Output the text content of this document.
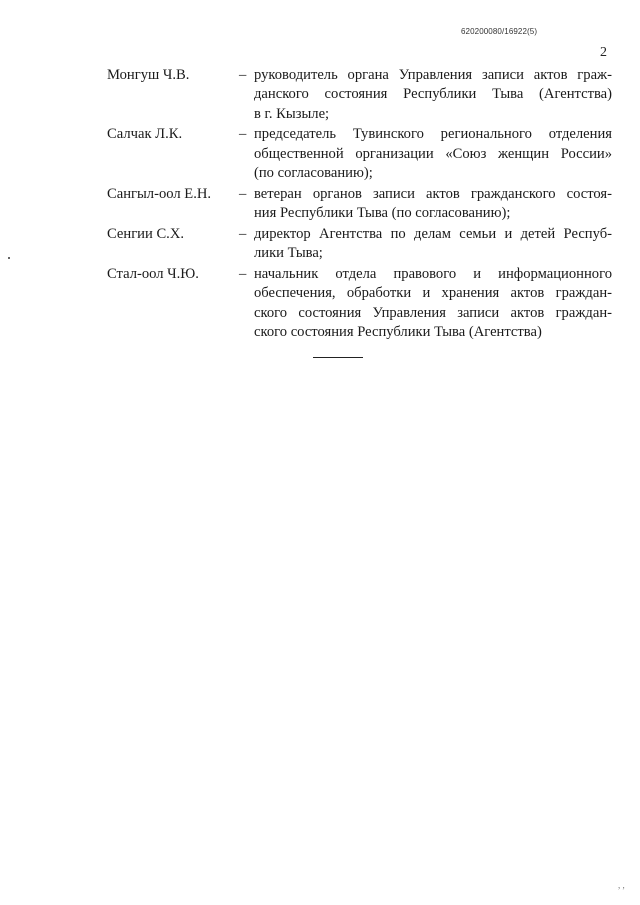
620200080/16922(5)
2
Монгуш Ч.В.	– руководитель органа Управления записи актов граж-
данского состояния Республики Тыва (Агентства)
в г. Кызыле;
Салчак Л.К.	– председатель Тувинского регионального отделения
общественной организации «Союз женщин России»
(по согласованию);
Сангыл-оол Е.Н.	– ветеран органов записи актов гражданского состоя-
ния Республики Тыва (по согласованию);
Сенгии С.Х.	– директор Агентства по делам семьи и детей Респуб-
лики Тыва;
Стал-оол Ч.Ю.	– начальник отдела правового и информационного
обеспечения, обработки и хранения актов граждан-
ского состояния Управления записи актов граждан-
ского состояния Республики Тыва (Агентства)
, ,
